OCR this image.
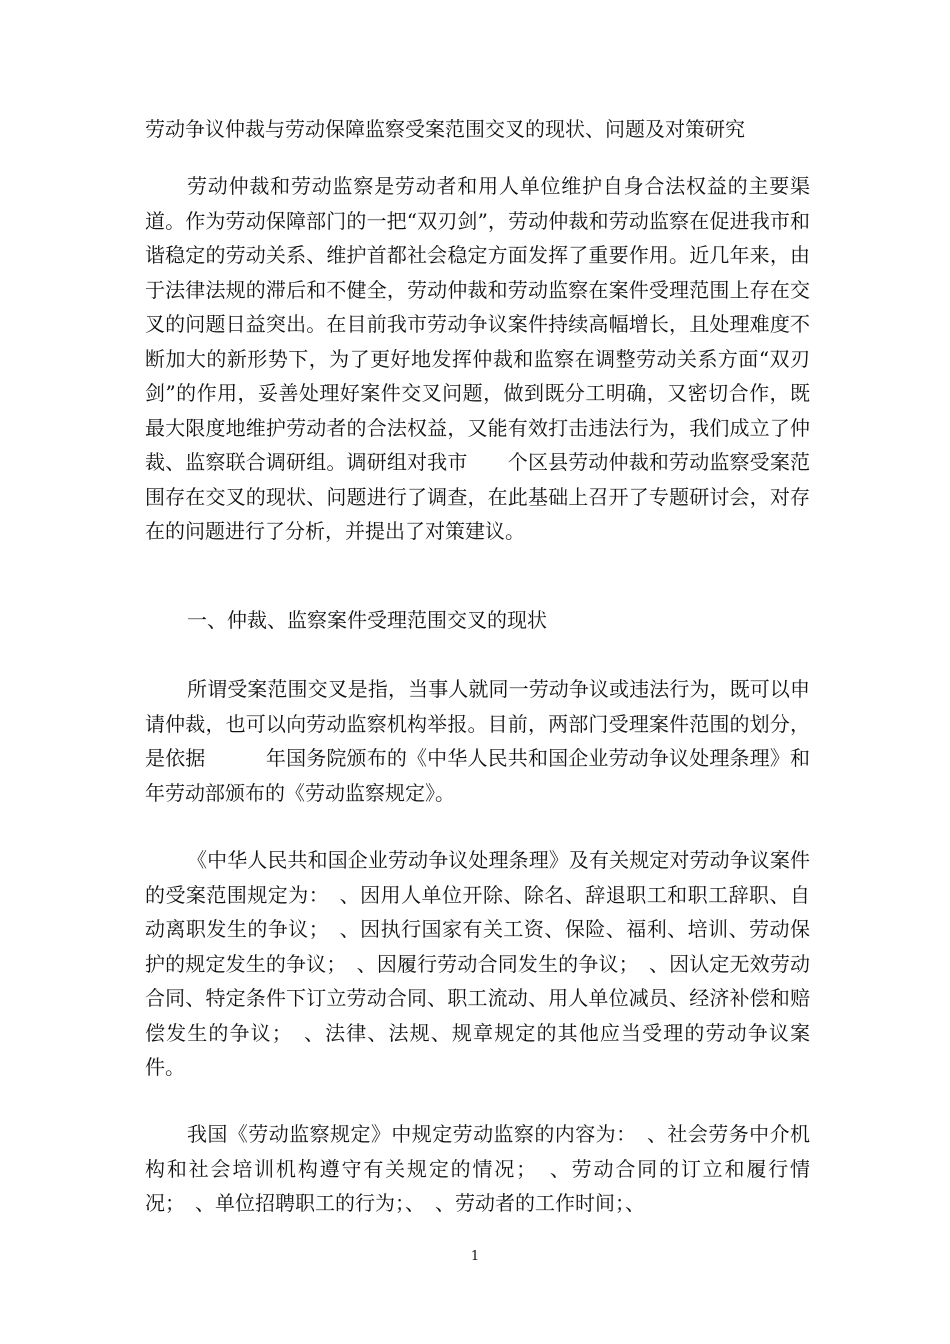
劳动争议仲裁与劳动保障监察受案范围交叉的现状、问题及对策研究

劳动仲裁和劳动监察是劳动者和用人单位维护自身合法权益的主要渠道。作为劳动保障部门的一把“双刃剑”，劳动仲裁和劳动监察在促进我市和谐稳定的劳动关系、维护首都社会稳定方面发挥了重要作用。近几年来，由于法律法规的滞后和不健全，劳动仲裁和劳动监察在案件受理范围上存在交叉的问题日益突出。在目前我市劳动争议案件持续高幅增长，且处理难度不断加大的新形势下，为了更好地发挥仲裁和监察在调整劳动关系方面“双刃剑”的作用，妥善处理好案件交叉问题，做到既分工明确，又密切合作，既最大限度地维护劳动者的合法权益，又能有效打击违法行为，我们成立了仲裁、监察联合调研组。调研组对我市　　个区县劳动仲裁和劳动监察受案范围存在交叉的现状、问题进行了调查，在此基础上召开了专题研讨会，对存在的问题进行了分析，并提出了对策建议。

一、仲裁、监察案件受理范围交叉的现状

所谓受案范围交叉是指，当事人就同一劳动争议或违法行为，既可以申请仲裁，也可以向劳动监察机构举报。目前，两部门受理案件范围的划分，是依据　　　年国务院颁布的《中华人民共和国企业劳动争议处理条理》和　　　年劳动部颁布的《劳动监察规定》。

《中华人民共和国企业劳动争议处理条理》及有关规定对劳动争议案件的受案范围规定为：　、因用人单位开除、除名、辞退职工和职工辞职、自动离职发生的争议；　、因执行国家有关工资、保险、福利、培训、劳动保护的规定发生的争议；　、因履行劳动合同发生的争议；　、因认定无效劳动合同、特定条件下订立劳动合同、职工流动、用人单位减员、经济补偿和赔偿发生的争议；　、法律、法规、规章规定的其他应当受理的劳动争议案件。

我国《劳动监察规定》中规定劳动监察的内容为：　、社会劳务中介机构和社会培训机构遵守有关规定的情况；　、劳动合同的订立和履行情况；　、单位招聘职工的行为；、　、劳动者的工作时间；、

1
